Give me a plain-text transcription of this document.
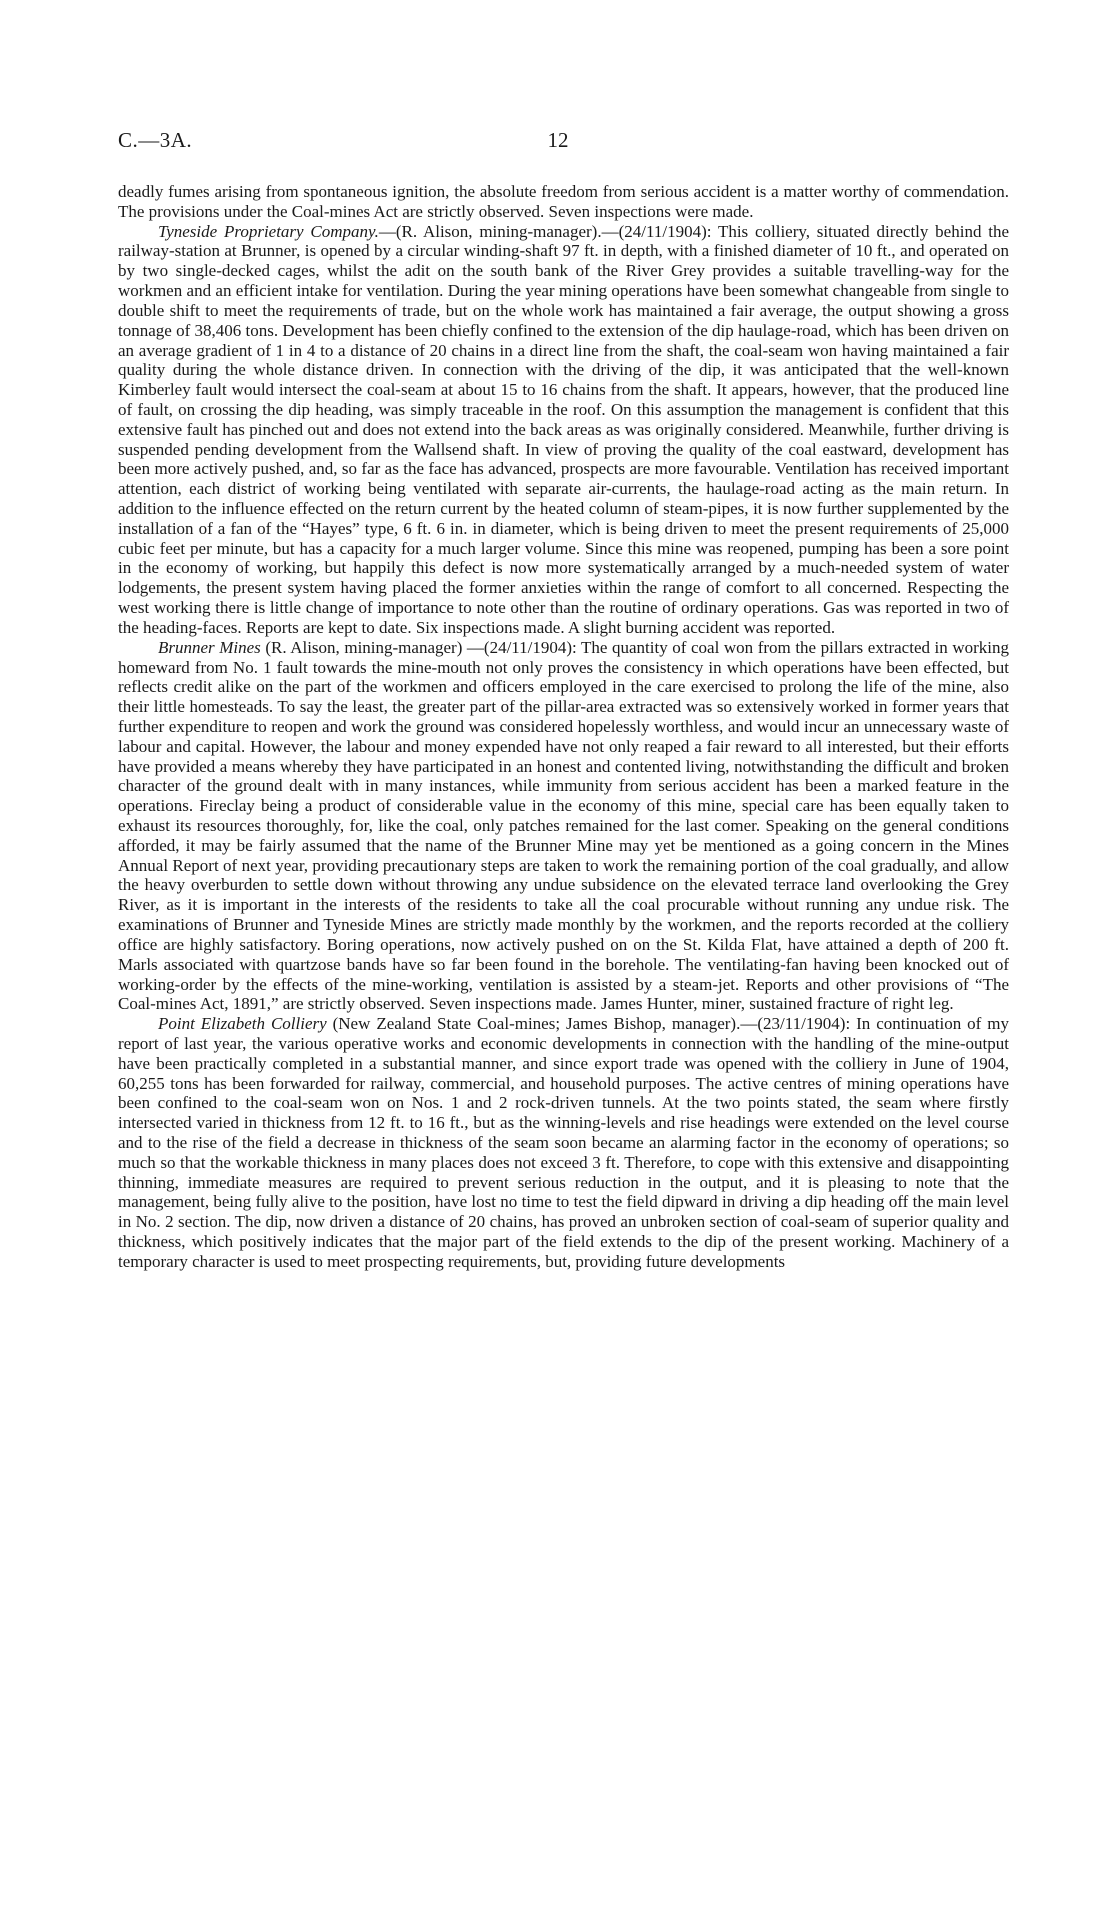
C.—3A.	12

deadly fumes arising from spontaneous ignition, the absolute freedom from serious accident is a matter worthy of commendation. The provisions under the Coal-mines Act are strictly observed. Seven inspections were made.

Tyneside Proprietary Company.—(R. Alison, mining-manager).—(24/11/1904): This colliery, situated directly behind the railway-station at Brunner, is opened by a circular winding-shaft 97 ft. in depth, with a finished diameter of 10 ft., and operated on by two single-decked cages, whilst the adit on the south bank of the River Grey provides a suitable travelling-way for the workmen and an efficient intake for ventilation. During the year mining operations have been somewhat changeable from single to double shift to meet the requirements of trade, but on the whole work has maintained a fair average, the output showing a gross tonnage of 38,406 tons. Development has been chiefly confined to the extension of the dip haulage-road, which has been driven on an average gradient of 1 in 4 to a distance of 20 chains in a direct line from the shaft, the coal-seam won having maintained a fair quality during the whole distance driven. In connection with the driving of the dip, it was anticipated that the well-known Kimberley fault would intersect the coal-seam at about 15 to 16 chains from the shaft. It appears, however, that the produced line of fault, on crossing the dip heading, was simply traceable in the roof. On this assumption the management is confident that this extensive fault has pinched out and does not extend into the back areas as was originally considered. Meanwhile, further driving is suspended pending development from the Wallsend shaft. In view of proving the quality of the coal eastward, development has been more actively pushed, and, so far as the face has advanced, prospects are more favourable. Ventilation has received important attention, each district of working being ventilated with separate air-currents, the haulage-road acting as the main return. In addition to the influence effected on the return current by the heated column of steam-pipes, it is now further supplemented by the installation of a fan of the “Hayes” type, 6 ft. 6 in. in diameter, which is being driven to meet the present requirements of 25,000 cubic feet per minute, but has a capacity for a much larger volume. Since this mine was reopened, pumping has been a sore point in the economy of working, but happily this defect is now more systematically arranged by a much-needed system of water lodgements, the present system having placed the former anxieties within the range of comfort to all concerned. Respecting the west working there is little change of importance to note other than the routine of ordinary operations. Gas was reported in two of the heading-faces. Reports are kept to date. Six inspections made. A slight burning accident was reported.

Brunner Mines (R. Alison, mining-manager) —(24/11/1904): The quantity of coal won from the pillars extracted in working homeward from No. 1 fault towards the mine-mouth not only proves the consistency in which operations have been effected, but reflects credit alike on the part of the workmen and officers employed in the care exercised to prolong the life of the mine, also their little homesteads. To say the least, the greater part of the pillar-area extracted was so extensively worked in former years that further expenditure to reopen and work the ground was considered hopelessly worthless, and would incur an unnecessary waste of labour and capital. However, the labour and money expended have not only reaped a fair reward to all interested, but their efforts have provided a means whereby they have participated in an honest and contented living, notwithstanding the difficult and broken character of the ground dealt with in many instances, while immunity from serious accident has been a marked feature in the operations. Fireclay being a product of considerable value in the economy of this mine, special care has been equally taken to exhaust its resources thoroughly, for, like the coal, only patches remained for the last comer. Speaking on the general conditions afforded, it may be fairly assumed that the name of the Brunner Mine may yet be mentioned as a going concern in the Mines Annual Report of next year, providing precautionary steps are taken to work the remaining portion of the coal gradually, and allow the heavy overburden to settle down without throwing any undue subsidence on the elevated terrace land overlooking the Grey River, as it is important in the interests of the residents to take all the coal procurable without running any undue risk. The examinations of Brunner and Tyneside Mines are strictly made monthly by the workmen, and the reports recorded at the colliery office are highly satisfactory. Boring operations, now actively pushed on on the St. Kilda Flat, have attained a depth of 200 ft. Marls associated with quartzose bands have so far been found in the borehole. The ventilating-fan having been knocked out of working-order by the effects of the mine-working, ventilation is assisted by a steam-jet. Reports and other provisions of “The Coal-mines Act, 1891,” are strictly observed. Seven inspections made. James Hunter, miner, sustained fracture of right leg.

Point Elizabeth Colliery (New Zealand State Coal-mines; James Bishop, manager).—(23/11/1904): In continuation of my report of last year, the various operative works and economic developments in connection with the handling of the mine-output have been practically completed in a substantial manner, and since export trade was opened with the colliery in June of 1904, 60,255 tons has been forwarded for railway, commercial, and household purposes. The active centres of mining operations have been confined to the coal-seam won on Nos. 1 and 2 rock-driven tunnels. At the two points stated, the seam where firstly intersected varied in thickness from 12 ft. to 16 ft., but as the winning-levels and rise headings were extended on the level course and to the rise of the field a decrease in thickness of the seam soon became an alarming factor in the economy of operations; so much so that the workable thickness in many places does not exceed 3 ft. Therefore, to cope with this extensive and disappointing thinning, immediate measures are required to prevent serious reduction in the output, and it is pleasing to note that the management, being fully alive to the position, have lost no time to test the field dipward in driving a dip heading off the main level in No. 2 section. The dip, now driven a distance of 20 chains, has proved an unbroken section of coal-seam of superior quality and thickness, which positively indicates that the major part of the field extends to the dip of the present working. Machinery of a temporary character is used to meet prospecting requirements, but, providing future developments
